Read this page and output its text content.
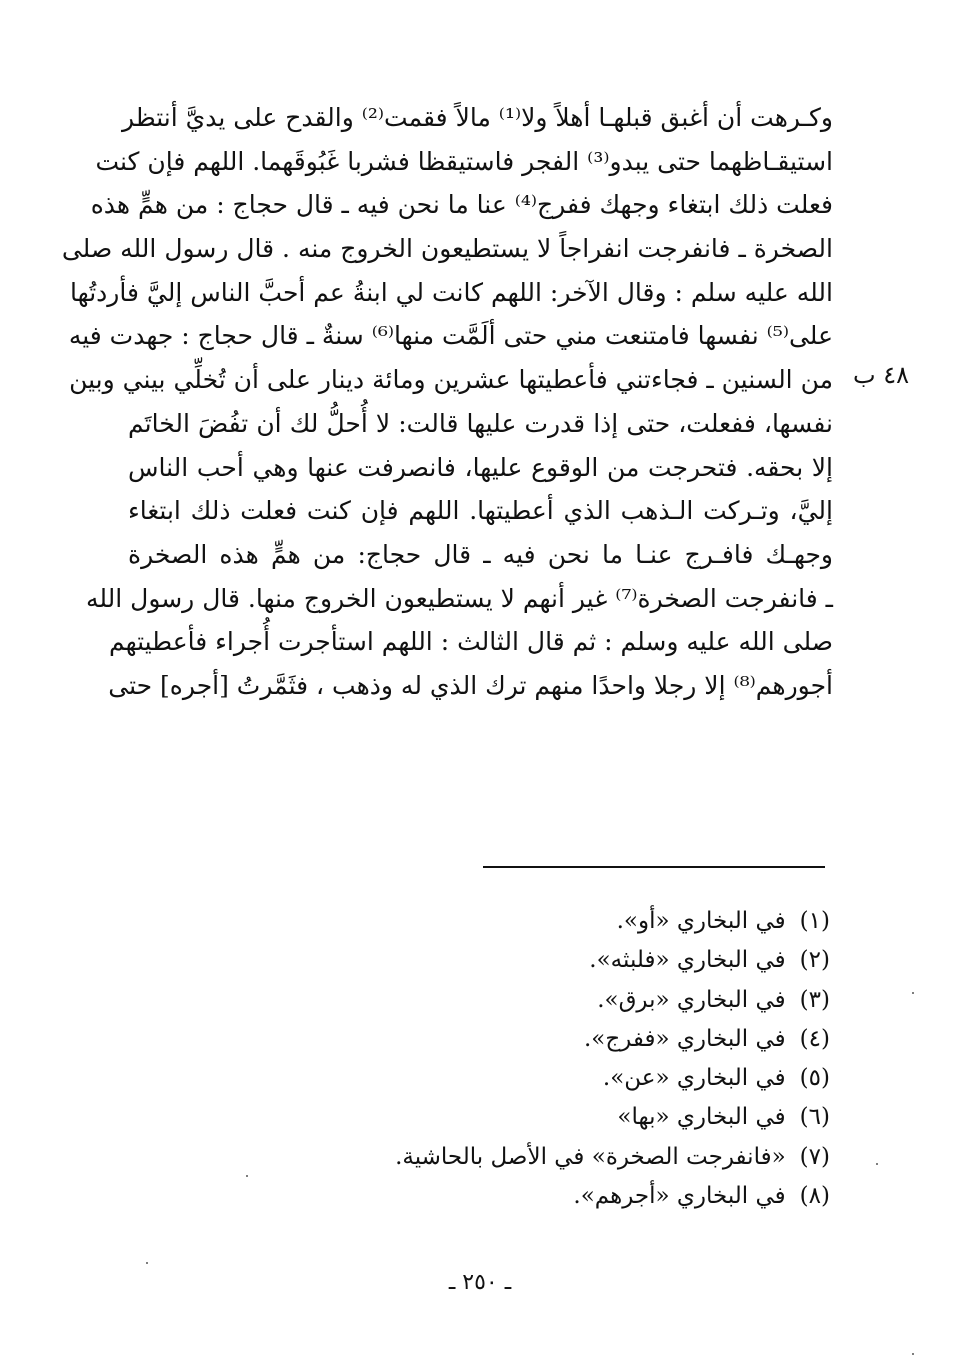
وكـرهت أن أغبق قبلهـا أهلاً ولا⁽¹⁾ مالاً فقمت⁽²⁾ والقدح على يديَّ أنتظر
استيقـاظهما حتى يبدو⁽³⁾ الفجر فاستيقظا فشربا غَبُوقَهما. اللهم فإن كنت
فعلت ذلك ابتغاء وجهك ففرج⁽⁴⁾ عنا ما نحن فيه ـ قال حجاج : من همٍّ هذه
الصخرة ـ فانفرجت انفراجاً لا يستطيعون الخروج منه . قال رسول الله صلى
الله عليه سلم : وقال الآخر: اللهم كانت لي ابنةُ عم أحبَّ الناس إليَّ فأردتُها
على⁽⁵⁾ نفسها فامتنعت مني حتى ألَمَّت منها⁽⁶⁾ سنةٌ ـ قال حجاج : جهدت فيه
من السنين ـ فجاءتني فأعطيتها عشرين ومائة دينار على أن تُخلِّي بيني وبين
نفسها، ففعلت، حتى إذا قدرت عليها قالت: لا أُحلُّ لك أن تفُضَ الخاتَم
إلا بحقه. فتحرجت من الوقوع عليها، فانصرفت عنها وهي أحب الناس
إليَّ، وتـركت الـذهب الذي أعطيتها. اللهم فإن كنت فعلت ذلك ابتغاء
وجهـك فافـرج عنـا ما نحن فيه ـ قال حجاج: من همٍّ هذه الصخرة
ـ فانفرجت الصخرة⁽⁷⁾ غير أنهم لا يستطيعون الخروج منها. قال رسول الله
صلى الله عليه وسلم : ثم قال الثالث : اللهم استأجرت أُجراء فأعطيتهم
أجورهم⁽⁸⁾ إلا رجلا واحدًا منهم ترك الذي له وذهب ، فثَمَّرتُ [أجره] حتى
٤٨ ب
(١)في البخاري «أو».
(٢)في البخاري «فلبثه».
(٣)في البخاري «برق».
(٤)في البخاري «ففرج».
(٥)في البخاري «عن».
(٦)في البخاري «بها»
(٧)«فانفرجت الصخرة» في الأصل بالحاشية.
(٨)في البخاري «أجرهم».
ـ ٢٥٠ ـ
